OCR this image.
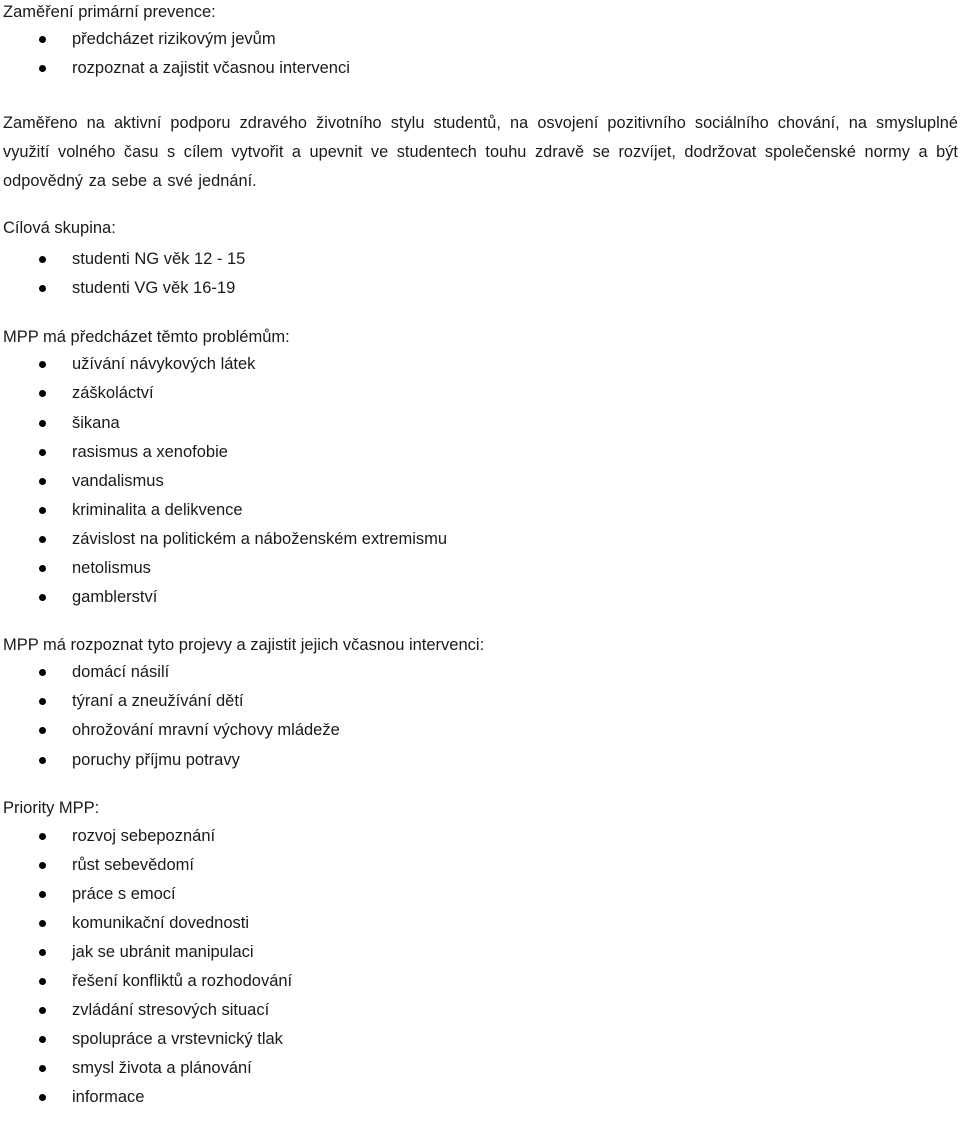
Zaměření primární prevence:
předcházet rizikovým jevům
rozpoznat a zajistit včasnou intervenci

Zaměřeno na aktivní podporu zdravého životního stylu studentů, na osvojení pozitivního sociálního chování, na smysluplné využití volného času s cílem vytvořit a upevnit ve studentech touhu zdravě se rozvíjet, dodržovat společenské normy a být odpovědný za sebe a své jednání.

Cílová skupina:
studenti NG věk 12 - 15
studenti VG věk 16-19
MPP má předcházet těmto problémům:
užívání návykových látek
záškoláctví
šikana
rasismus a xenofobie
vandalismus
kriminalita a delikvence
závislost na politickém a náboženském extremismu
netolismus
gamblerství
MPP má rozpoznat tyto projevy a zajistit jejich včasnou intervenci:
domácí násilí
týraní a zneužívání dětí
ohrožování mravní výchovy mládeže
poruchy příjmu potravy
Priority MPP:
rozvoj sebepoznání
růst sebevědomí
práce s emocí
komunikační dovednosti
jak se ubránit manipulaci
řešení konfliktů a rozhodování
zvládání stresových situací
spolupráce a vrstevnický tlak
smysl života a plánování
informace
